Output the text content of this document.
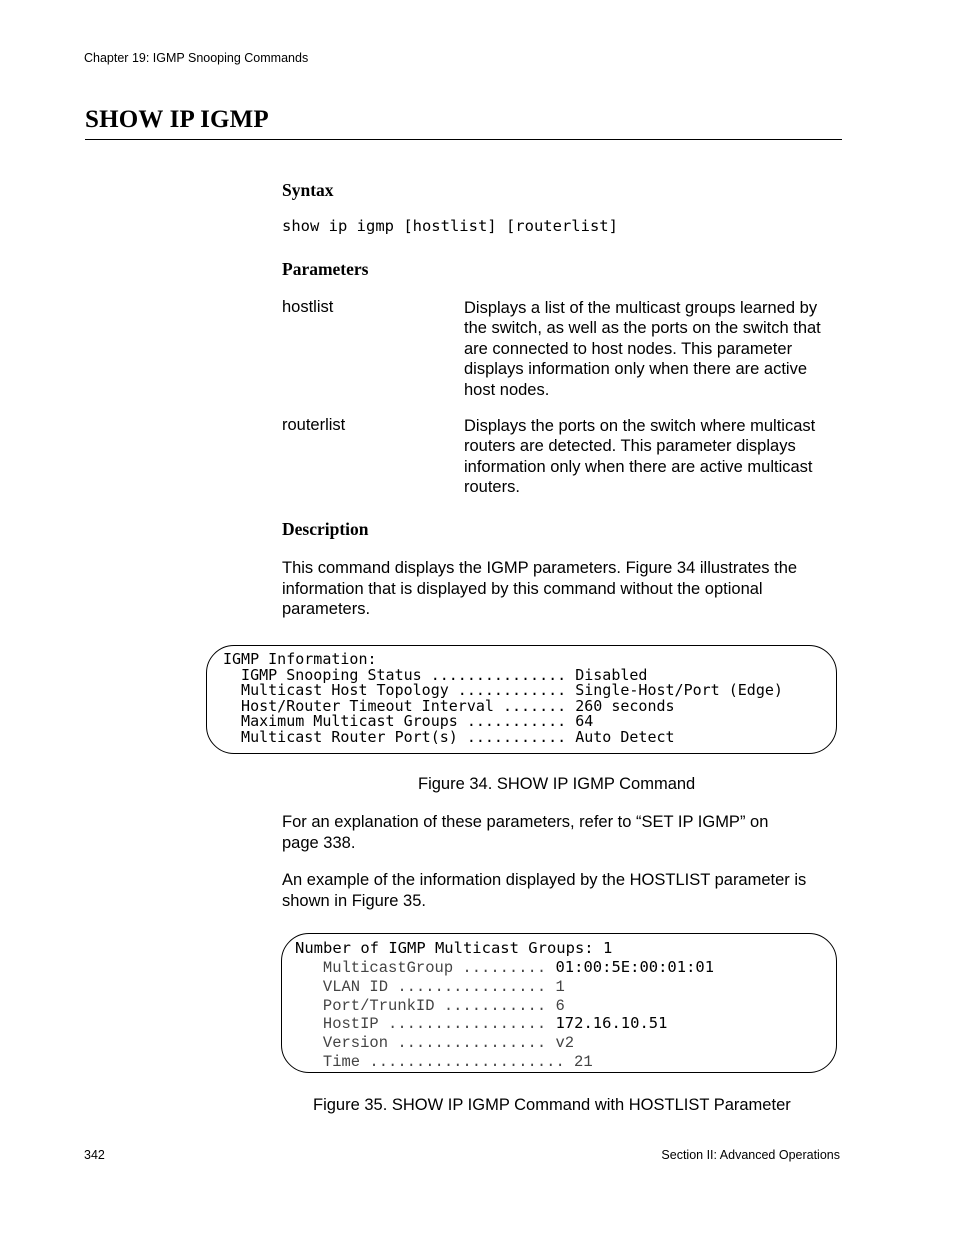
Chapter 19: IGMP Snooping Commands
SHOW IP IGMP
Syntax
show ip igmp [hostlist] [routerlist]
Parameters
hostlist	Displays a list of the multicast groups learned by
the switch, as well as the ports on the switch that
are connected to host nodes. This parameter
displays information only when there are active
host nodes.
routerlist	Displays the ports on the switch where multicast
routers are detected. This parameter displays
information only when there are active multicast
routers.
Description
This command displays the IGMP parameters. Figure 34 illustrates the
information that is displayed by this command without the optional
parameters.
IGMP Information:
IGMP Snooping Status ............... Disabled
Multicast Host Topology ............ Single-Host/Port (Edge)
Host/Router Timeout Interval ....... 260 seconds
Maximum Multicast Groups ........... 64
Multicast Router Port(s) ........... Auto Detect
Figure 34. SHOW IP IGMP Command
For an explanation of these parameters, refer to “SET IP IGMP” on
page 338.
An example of the information displayed by the HOSTLIST parameter is
shown in Figure 35.
Number of IGMP Multicast Groups: 1
MulticastGroup ......... 01:00:5E:00:01:01
VLAN ID ................ 1
Port/TrunkID ........... 6
HostIP ................. 172.16.10.51
Version ................ v2
Time ..................... 21
Figure 35. SHOW IP IGMP Command with HOSTLIST Parameter
342	Section II: Advanced Operations
